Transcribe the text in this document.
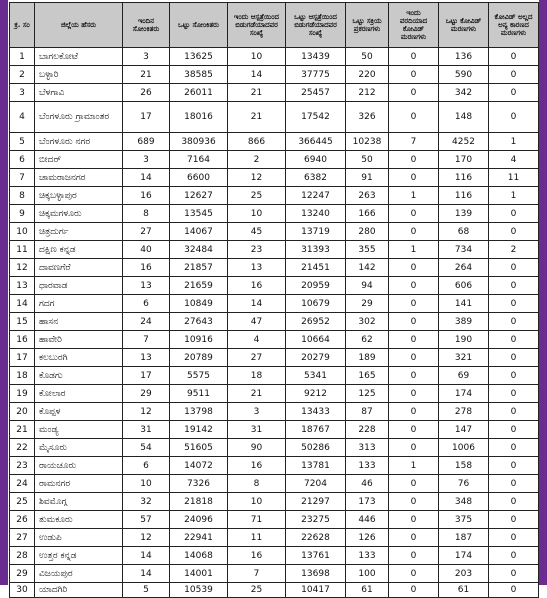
ಕ್ರ. ಸಂ	ಜಿಲ್ಲೆಯ ಹೆಸರು	ಇಂದಿನ ಸೋಂಕಿತರು	ಒಟ್ಟು ಸೋಂಕಿತರು	ಇಂದು ಆಸ್ಪತ್ರೆಯಿಂದ ಬಿಡುಗಡೆಯಾದವರ ಸಂಖ್ಯೆ	ಒಟ್ಟು ಆಸ್ಪತ್ರೆಯಿಂದ ಬಿಡುಗಡೆಯಾದವರ ಸಂಖ್ಯೆ	ಒಟ್ಟು ಸಕ್ರಿಯ ಪ್ರಕರಣಗಳು	ಇಂದು ವರದಿಯಾದ ಕೋವಿಡ್ ಮರಣಗಳು	ಒಟ್ಟು ಕೋವಿಡ್ ಮರಣಗಳು	ಕೋವಿಡ್ ಅಲ್ಲದ ಅನ್ಯ ಕಾರಣದ ಮರಣಗಳು
1	ಬಾಗಲಕೋಟೆ	3	13625	10	13439	50	0	136	0
2	ಬಳ್ಳಾರಿ	21	38585	14	37775	220	0	590	0
3	ಬೆಳಗಾವಿ	26	26011	21	25457	212	0	342	0
4	ಬೆಂಗಳೂರು ಗ್ರಾಮಾಂತರ	17	18016	21	17542	326	0	148	0
5	ಬೆಂಗಳೂರು ನಗರ	689	380936	866	366445	10238	7	4252	1
6	ಬೀದರ್	3	7164	2	6940	50	0	170	4
7	ಚಾಮರಾಜನಗರ	14	6600	12	6382	91	0	116	11
8	ಚಿಕ್ಕಬಳ್ಳಾಪುರ	16	12627	25	12247	263	1	116	1
9	ಚಿಕ್ಕಮಗಳೂರು	8	13545	10	13240	166	0	139	0
10	ಚಿತ್ರದುರ್ಗ	27	14067	45	13719	280	0	68	0
11	ದಕ್ಷಿಣ ಕನ್ನಡ	40	32484	23	31393	355	1	734	2
12	ದಾವಣಗೆರೆ	16	21857	13	21451	142	0	264	0
13	ಧಾರವಾಡ	13	21659	16	20959	94	0	606	0
14	ಗದಗ	6	10849	14	10679	29	0	141	0
15	ಹಾಸನ	24	27643	47	26952	302	0	389	0
16	ಹಾವೇರಿ	7	10916	4	10664	62	0	190	0
17	ಕಲಬುರಗಿ	13	20789	27	20279	189	0	321	0
18	ಕೊಡಗು	17	5575	18	5341	165	0	69	0
19	ಕೋಲಾರ	29	9511	21	9212	125	0	174	0
20	ಕೊಪ್ಪಳ	12	13798	3	13433	87	0	278	0
21	ಮಂಡ್ಯ	31	19142	31	18767	228	0	147	0
22	ಮೈಸೂರು	54	51605	90	50286	313	0	1006	0
23	ರಾಯಚೂರು	6	14072	16	13781	133	1	158	0
24	ರಾಮನಗರ	10	7326	8	7204	46	0	76	0
25	ಶಿವಮೊಗ್ಗ	32	21818	10	21297	173	0	348	0
26	ತುಮಕೂರು	57	24096	71	23275	446	0	375	0
27	ಉಡುಪಿ	12	22941	11	22628	126	0	187	0
28	ಉತ್ತರ ಕನ್ನಡ	14	14068	16	13761	133	0	174	0
29	ವಿಜಯಪುರ	14	14001	7	13698	100	0	203	0
30	ಯಾದಗಿರಿ	5	10539	25	10417	61	0	61	0
